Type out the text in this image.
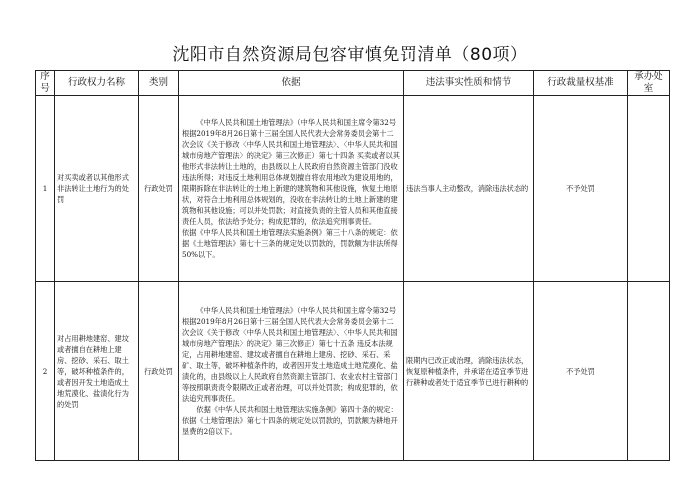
沈阳市自然资源局包容审慎免罚清单（80项）
序号	行政权力名称	类别	依据	违法事实性质和情节	行政裁量权基准	承办处室
1	对买卖或者以其他形式非法转让土地行为的处罚	行政处罚	《中华人民共和国土地管理法》（中华人民共和国主席令第32号 根据2019年8月26日第十三届全国人民代表大会常务委员会第十二次会议《关于修改〈中华人民共和国土地管理法〉、〈中华人民共和国城市房地产管理法〉的决定》第三次修正）第七十四条 买卖或者以其他形式非法转让土地的，由县级以上人民政府自然资源主管部门没收违法所得；对违反土地利用总体规划擅自将农用地改为建设用地的，限期拆除在非法转让的土地上新建的建筑物和其他设施，恢复土地原状，对符合土地利用总体规划的，没收在非法转让的土地上新建的建筑物和其他设施；可以并处罚款；对直接负责的主管人员和其他直接责任人员，依法给予处分；构成犯罪的，依法追究刑事责任。

依据《中华人民共和国土地管理法实施条例》第三十八条的规定：依据《土地管理法》第七十三条的规定处以罚款的，罚款额为非法所得50%以下。	违法当事人主动整改，消除违法状态的	不予处罚	
2	对占用耕地建窑、建坟或者擅自在耕地上建房、挖砂、采石、取土等，破坏种植条件的，或者因开发土地造成土地荒漠化、盐渍化行为的处罚	行政处罚	《中华人民共和国土地管理法》（中华人民共和国主席令第32号 根据2019年8月26日第十三届全国人民代表大会常务委员会第十二次会议《关于修改〈中华人民共和国土地管理法〉、〈中华人民共和国城市房地产管理法〉的决定》第三次修正）第七十五条 违反本法规定，占用耕地建窑、建坟或者擅自在耕地上建房、挖砂、采石、采矿、取土等，破坏种植条件的，或者因开发土地造成土地荒漠化、盐渍化的，由县级以上人民政府自然资源主管部门、农业农村主管部门等按照职责责令限期改正或者治理，可以并处罚款；构成犯罪的，依法追究刑事责任。

依据《中华人民共和国土地管理法实施条例》第四十条的规定：依据《土地管理法》第七十四条的规定处以罚款的，罚款额为耕地开垦费的2倍以下。	限期内已改正或治理，消除违法状态，恢复原种植条件，并承诺在适宜季节进行耕种或者处于适宜季节已进行耕种的	不予处罚	
